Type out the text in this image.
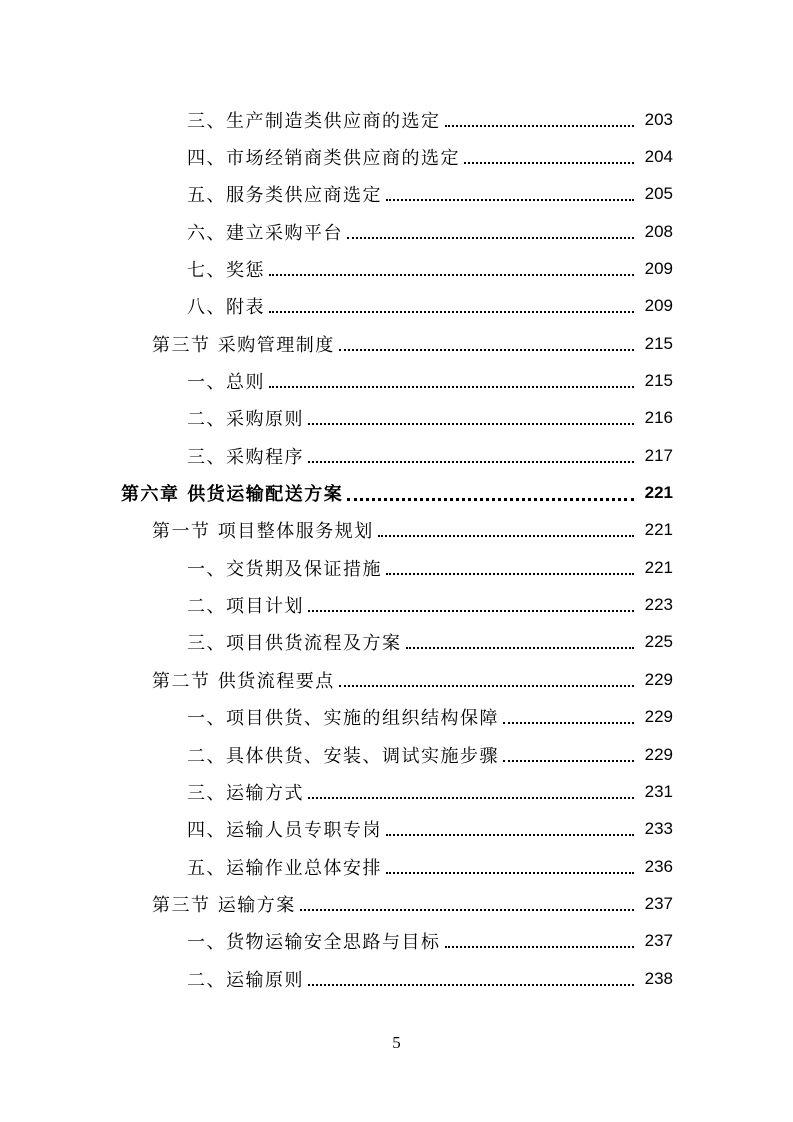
三、生产制造类供应商的选定	203
四、市场经销商类供应商的选定	204
五、服务类供应商选定	205
六、建立采购平台	208
七、奖惩	209
八、附表	209
第三节 采购管理制度	215
一、总则	215
二、采购原则	216
三、采购程序	217
第六章 供货运输配送方案	221
第一节 项目整体服务规划	221
一、交货期及保证措施	221
二、项目计划	223
三、项目供货流程及方案	225
第二节 供货流程要点	229
一、项目供货、实施的组织结构保障	229
二、具体供货、安装、调试实施步骤	229
三、运输方式	231
四、运输人员专职专岗	233
五、运输作业总体安排	236
第三节 运输方案	237
一、货物运输安全思路与目标	237
二、运输原则	238
5
